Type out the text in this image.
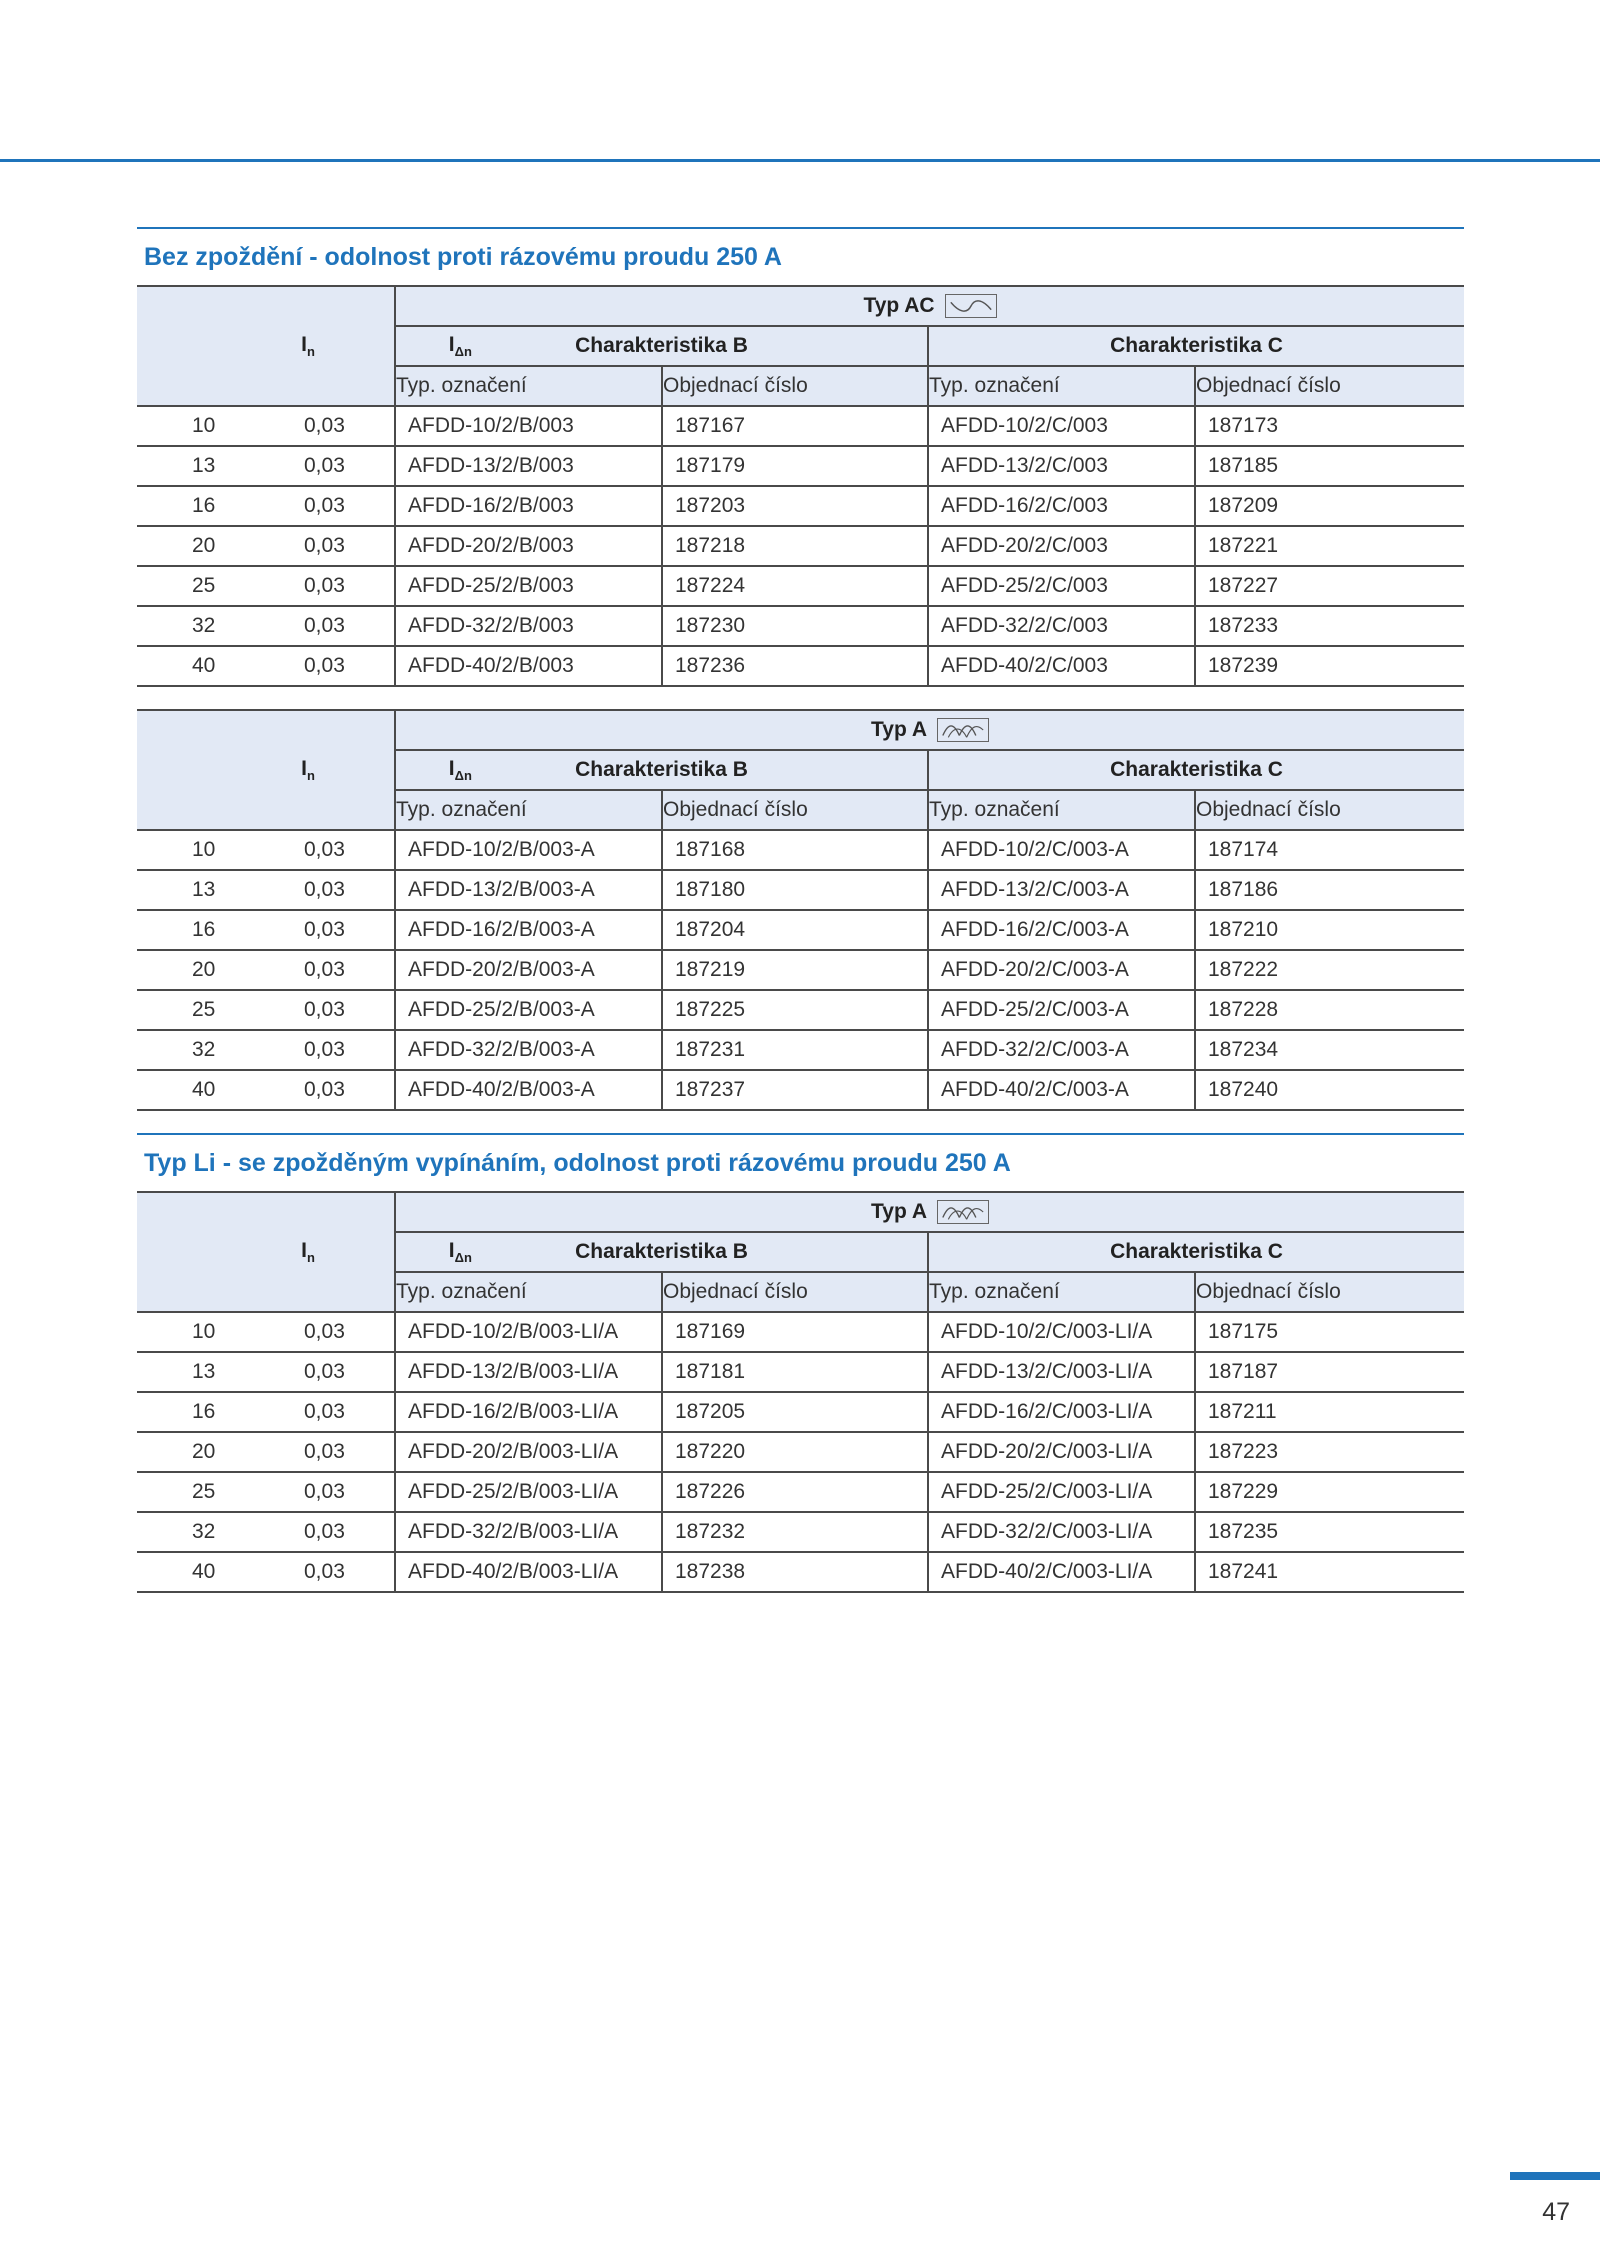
Bez zpoždění - odolnost proti rázovému proudu 250 A
$I_n$ $I_{\Delta n}$		Typ AC			

		Charakteristika B		Charakteristika C	
		Typ. označení	Objednací číslo	Typ. označení	Objednací číslo
10	0,03	AFDD-10/2/B/003	187167	AFDD-10/2/C/003	187173
13	0,03	AFDD-13/2/B/003	187179	AFDD-13/2/C/003	187185
16	0,03	AFDD-16/2/B/003	187203	AFDD-16/2/C/003	187209
20	0,03	AFDD-20/2/B/003	187218	AFDD-20/2/C/003	187221
25	0,03	AFDD-25/2/B/003	187224	AFDD-25/2/C/003	187227
32	0,03	AFDD-32/2/B/003	187230	AFDD-32/2/C/003	187233
40	0,03	AFDD-40/2/B/003	187236	AFDD-40/2/C/003	187239
$I_n$ $I_{\Delta n}$		Typ A			

		Charakteristika B		Charakteristika C	
		Typ. označení	Objednací číslo	Typ. označení	Objednací číslo
10	0,03	AFDD-10/2/B/003-A	187168	AFDD-10/2/C/003-A	187174
13	0,03	AFDD-13/2/B/003-A	187180	AFDD-13/2/C/003-A	187186
16	0,03	AFDD-16/2/B/003-A	187204	AFDD-16/2/C/003-A	187210
20	0,03	AFDD-20/2/B/003-A	187219	AFDD-20/2/C/003-A	187222
25	0,03	AFDD-25/2/B/003-A	187225	AFDD-25/2/C/003-A	187228
32	0,03	AFDD-32/2/B/003-A	187231	AFDD-32/2/C/003-A	187234
40	0,03	AFDD-40/2/B/003-A	187237	AFDD-40/2/C/003-A	187240
Typ Li - se zpožděným vypínáním, odolnost proti rázovému proudu 250 A
$I_n$ $I_{\Delta n}$		Typ A			

		Charakteristika B		Charakteristika C	
		Typ. označení	Objednací číslo	Typ. označení	Objednací číslo
10	0,03	AFDD-10/2/B/003-LI/A	187169	AFDD-10/2/C/003-LI/A	187175
13	0,03	AFDD-13/2/B/003-LI/A	187181	AFDD-13/2/C/003-LI/A	187187
16	0,03	AFDD-16/2/B/003-LI/A	187205	AFDD-16/2/C/003-LI/A	187211
20	0,03	AFDD-20/2/B/003-LI/A	187220	AFDD-20/2/C/003-LI/A	187223
25	0,03	AFDD-25/2/B/003-LI/A	187226	AFDD-25/2/C/003-LI/A	187229
32	0,03	AFDD-32/2/B/003-LI/A	187232	AFDD-32/2/C/003-LI/A	187235
40	0,03	AFDD-40/2/B/003-LI/A	187238	AFDD-40/2/C/003-LI/A	187241
47
